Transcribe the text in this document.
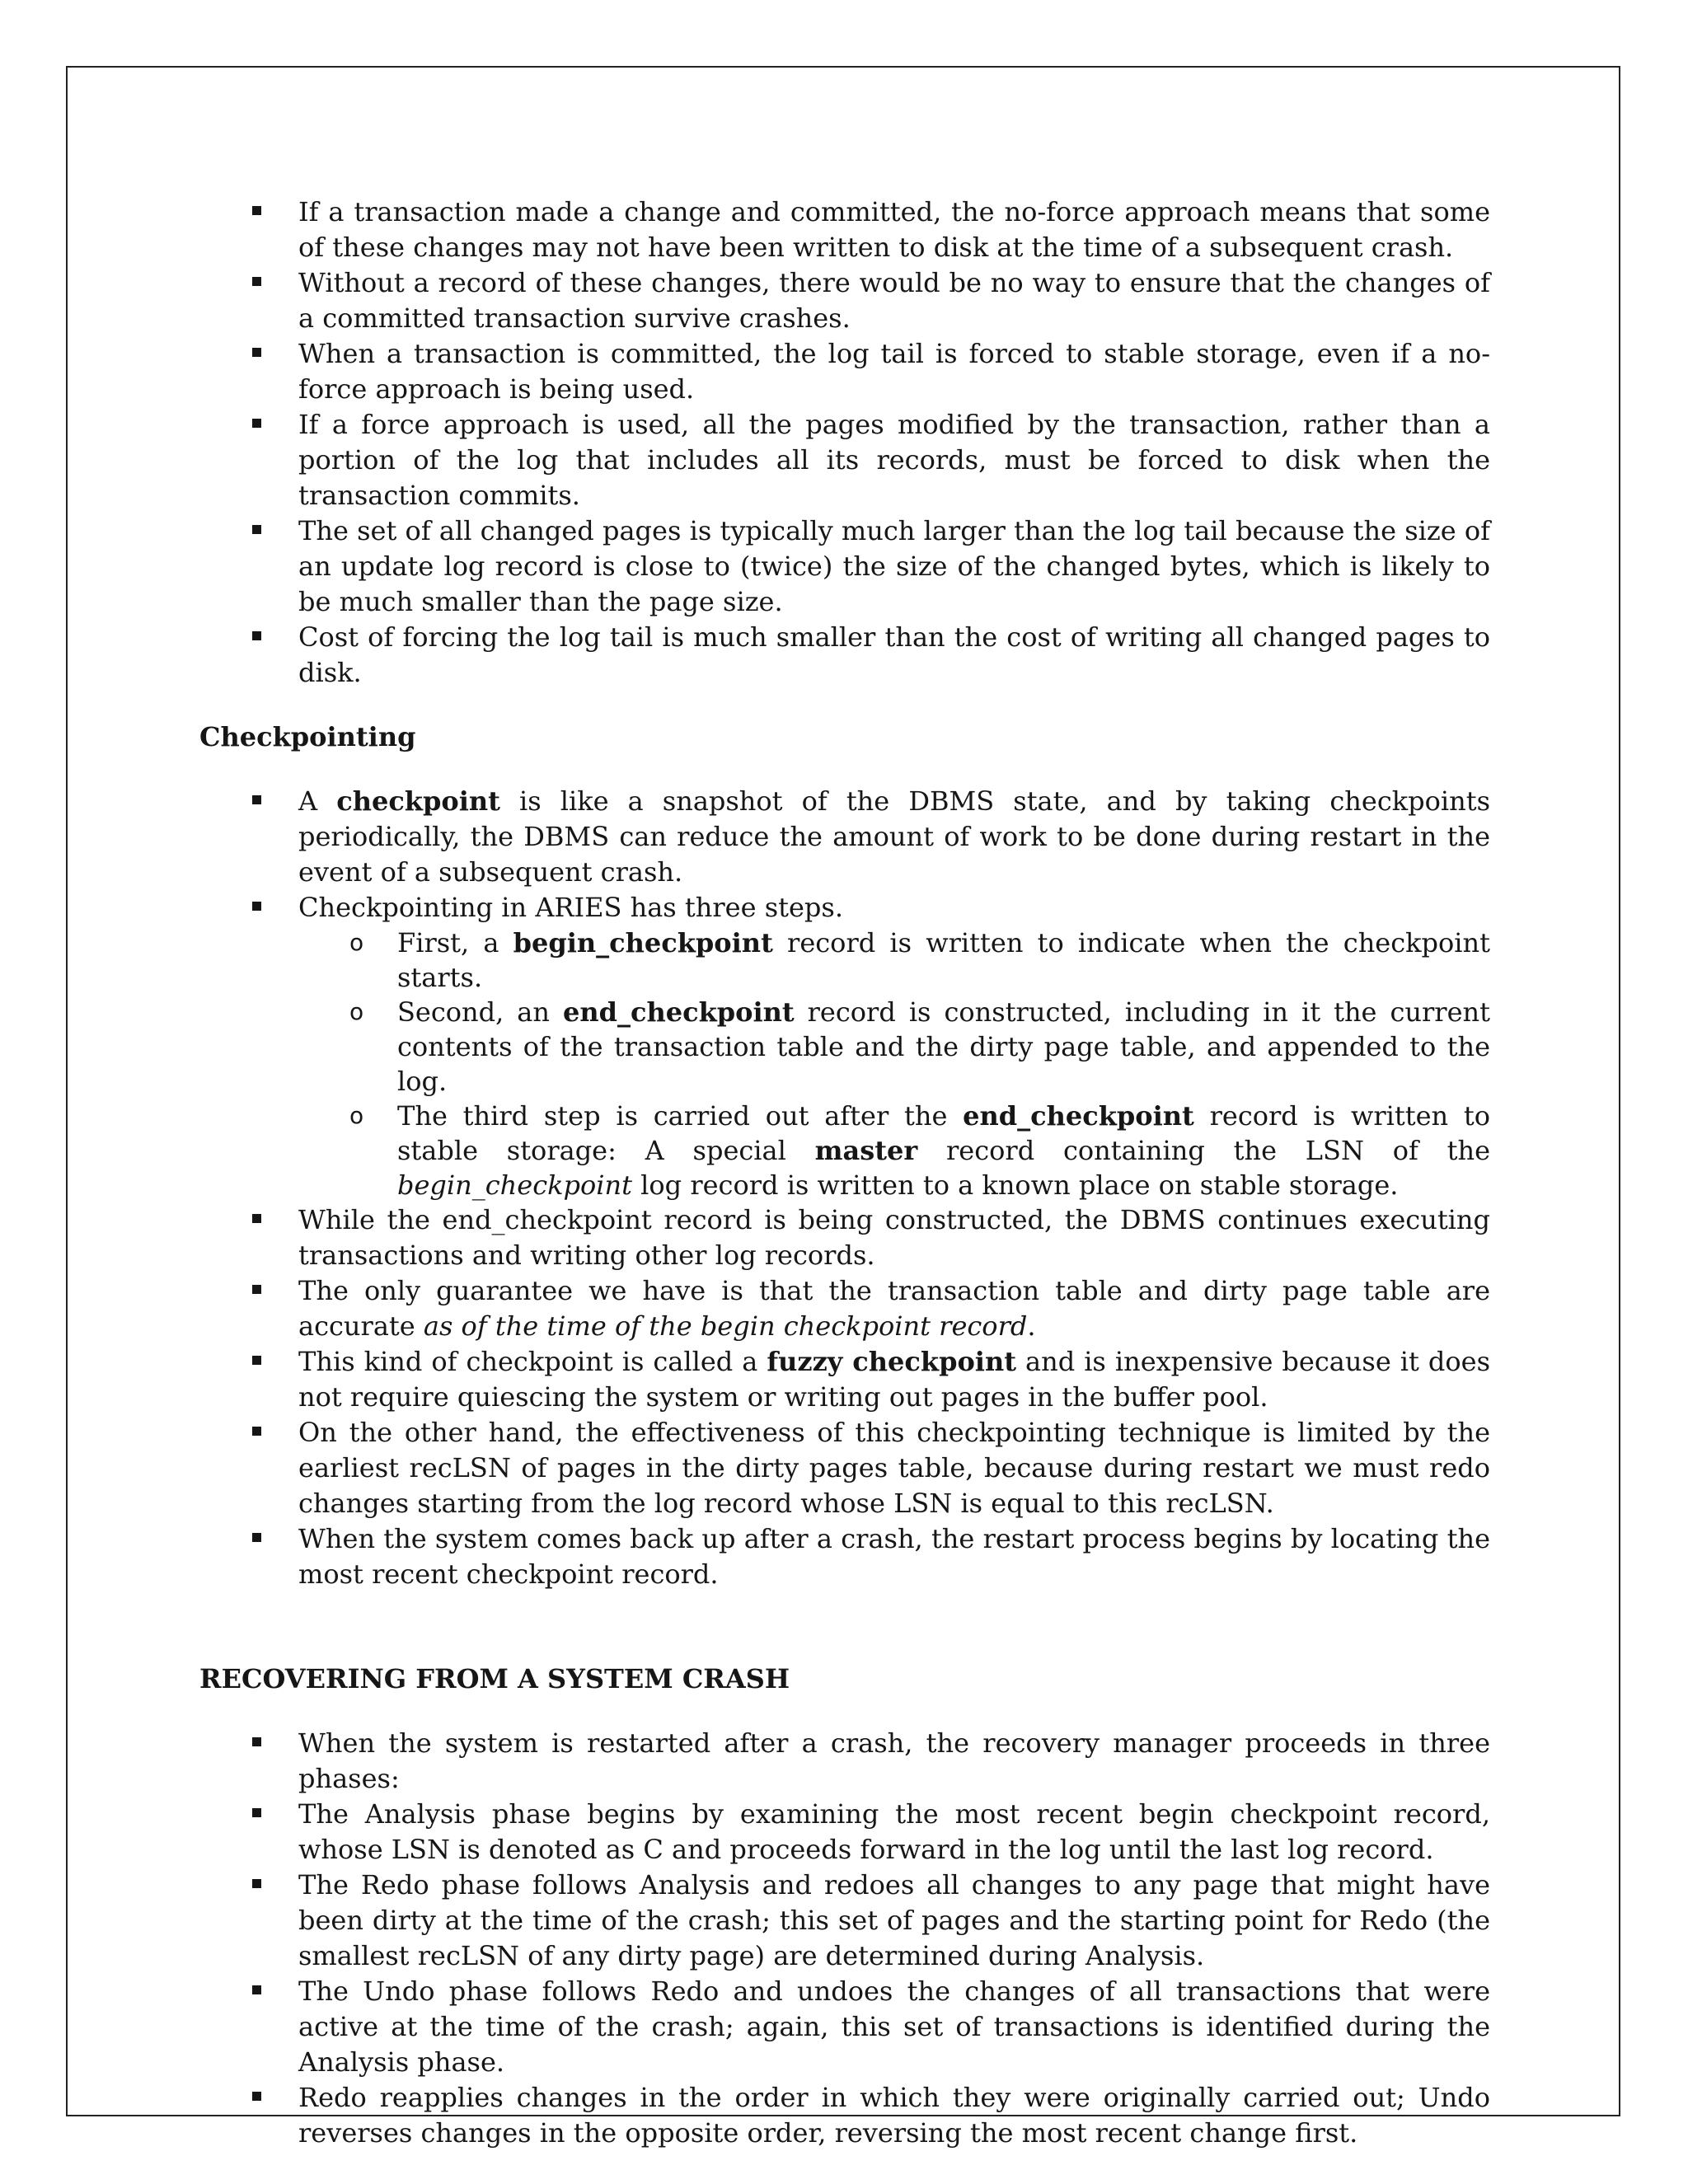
If a transaction made a change and committed, the no-force approach means that some of these changes may not have been written to disk at the time of a subsequent crash.
Without a record of these changes, there would be no way to ensure that the changes of a committed transaction survive crashes.
When a transaction is committed, the log tail is forced to stable storage, even if a no-force approach is being used.
If a force approach is used, all the pages modified by the transaction, rather than a portion of the log that includes all its records, must be forced to disk when the transaction commits.
The set of all changed pages is typically much larger than the log tail because the size of an update log record is close to (twice) the size of the changed bytes, which is likely to be much smaller than the page size.
Cost of forcing the log tail is much smaller than the cost of writing all changed pages to disk.

Checkpointing

A checkpoint is like a snapshot of the DBMS state, and by taking checkpoints periodically, the DBMS can reduce the amount of work to be done during restart in the event of a subsequent crash.
Checkpointing in ARIES has three steps.
o First, a begin_checkpoint record is written to indicate when the checkpoint starts.
o Second, an end_checkpoint record is constructed, including in it the current contents of the transaction table and the dirty page table, and appended to the log.
o The third step is carried out after the end_checkpoint record is written to stable storage: A special master record containing the LSN of the begin_checkpoint log record is written to a known place on stable storage.
While the end_checkpoint record is being constructed, the DBMS continues executing transactions and writing other log records.
The only guarantee we have is that the transaction table and dirty page table are accurate as of the time of the begin checkpoint record.
This kind of checkpoint is called a fuzzy checkpoint and is inexpensive because it does not require quiescing the system or writing out pages in the buffer pool.
On the other hand, the effectiveness of this checkpointing technique is limited by the earliest recLSN of pages in the dirty pages table, because during restart we must redo changes starting from the log record whose LSN is equal to this recLSN.
When the system comes back up after a crash, the restart process begins by locating the most recent checkpoint record.

RECOVERING FROM A SYSTEM CRASH

When the system is restarted after a crash, the recovery manager proceeds in three phases:
The Analysis phase begins by examining the most recent begin checkpoint record, whose LSN is denoted as C and proceeds forward in the log until the last log record.
The Redo phase follows Analysis and redoes all changes to any page that might have been dirty at the time of the crash; this set of pages and the starting point for Redo (the smallest recLSN of any dirty page) are determined during Analysis.
The Undo phase follows Redo and undoes the changes of all transactions that were active at the time of the crash; again, this set of transactions is identified during the Analysis phase.
Redo reapplies changes in the order in which they were originally carried out; Undo reverses changes in the opposite order, reversing the most recent change first.
